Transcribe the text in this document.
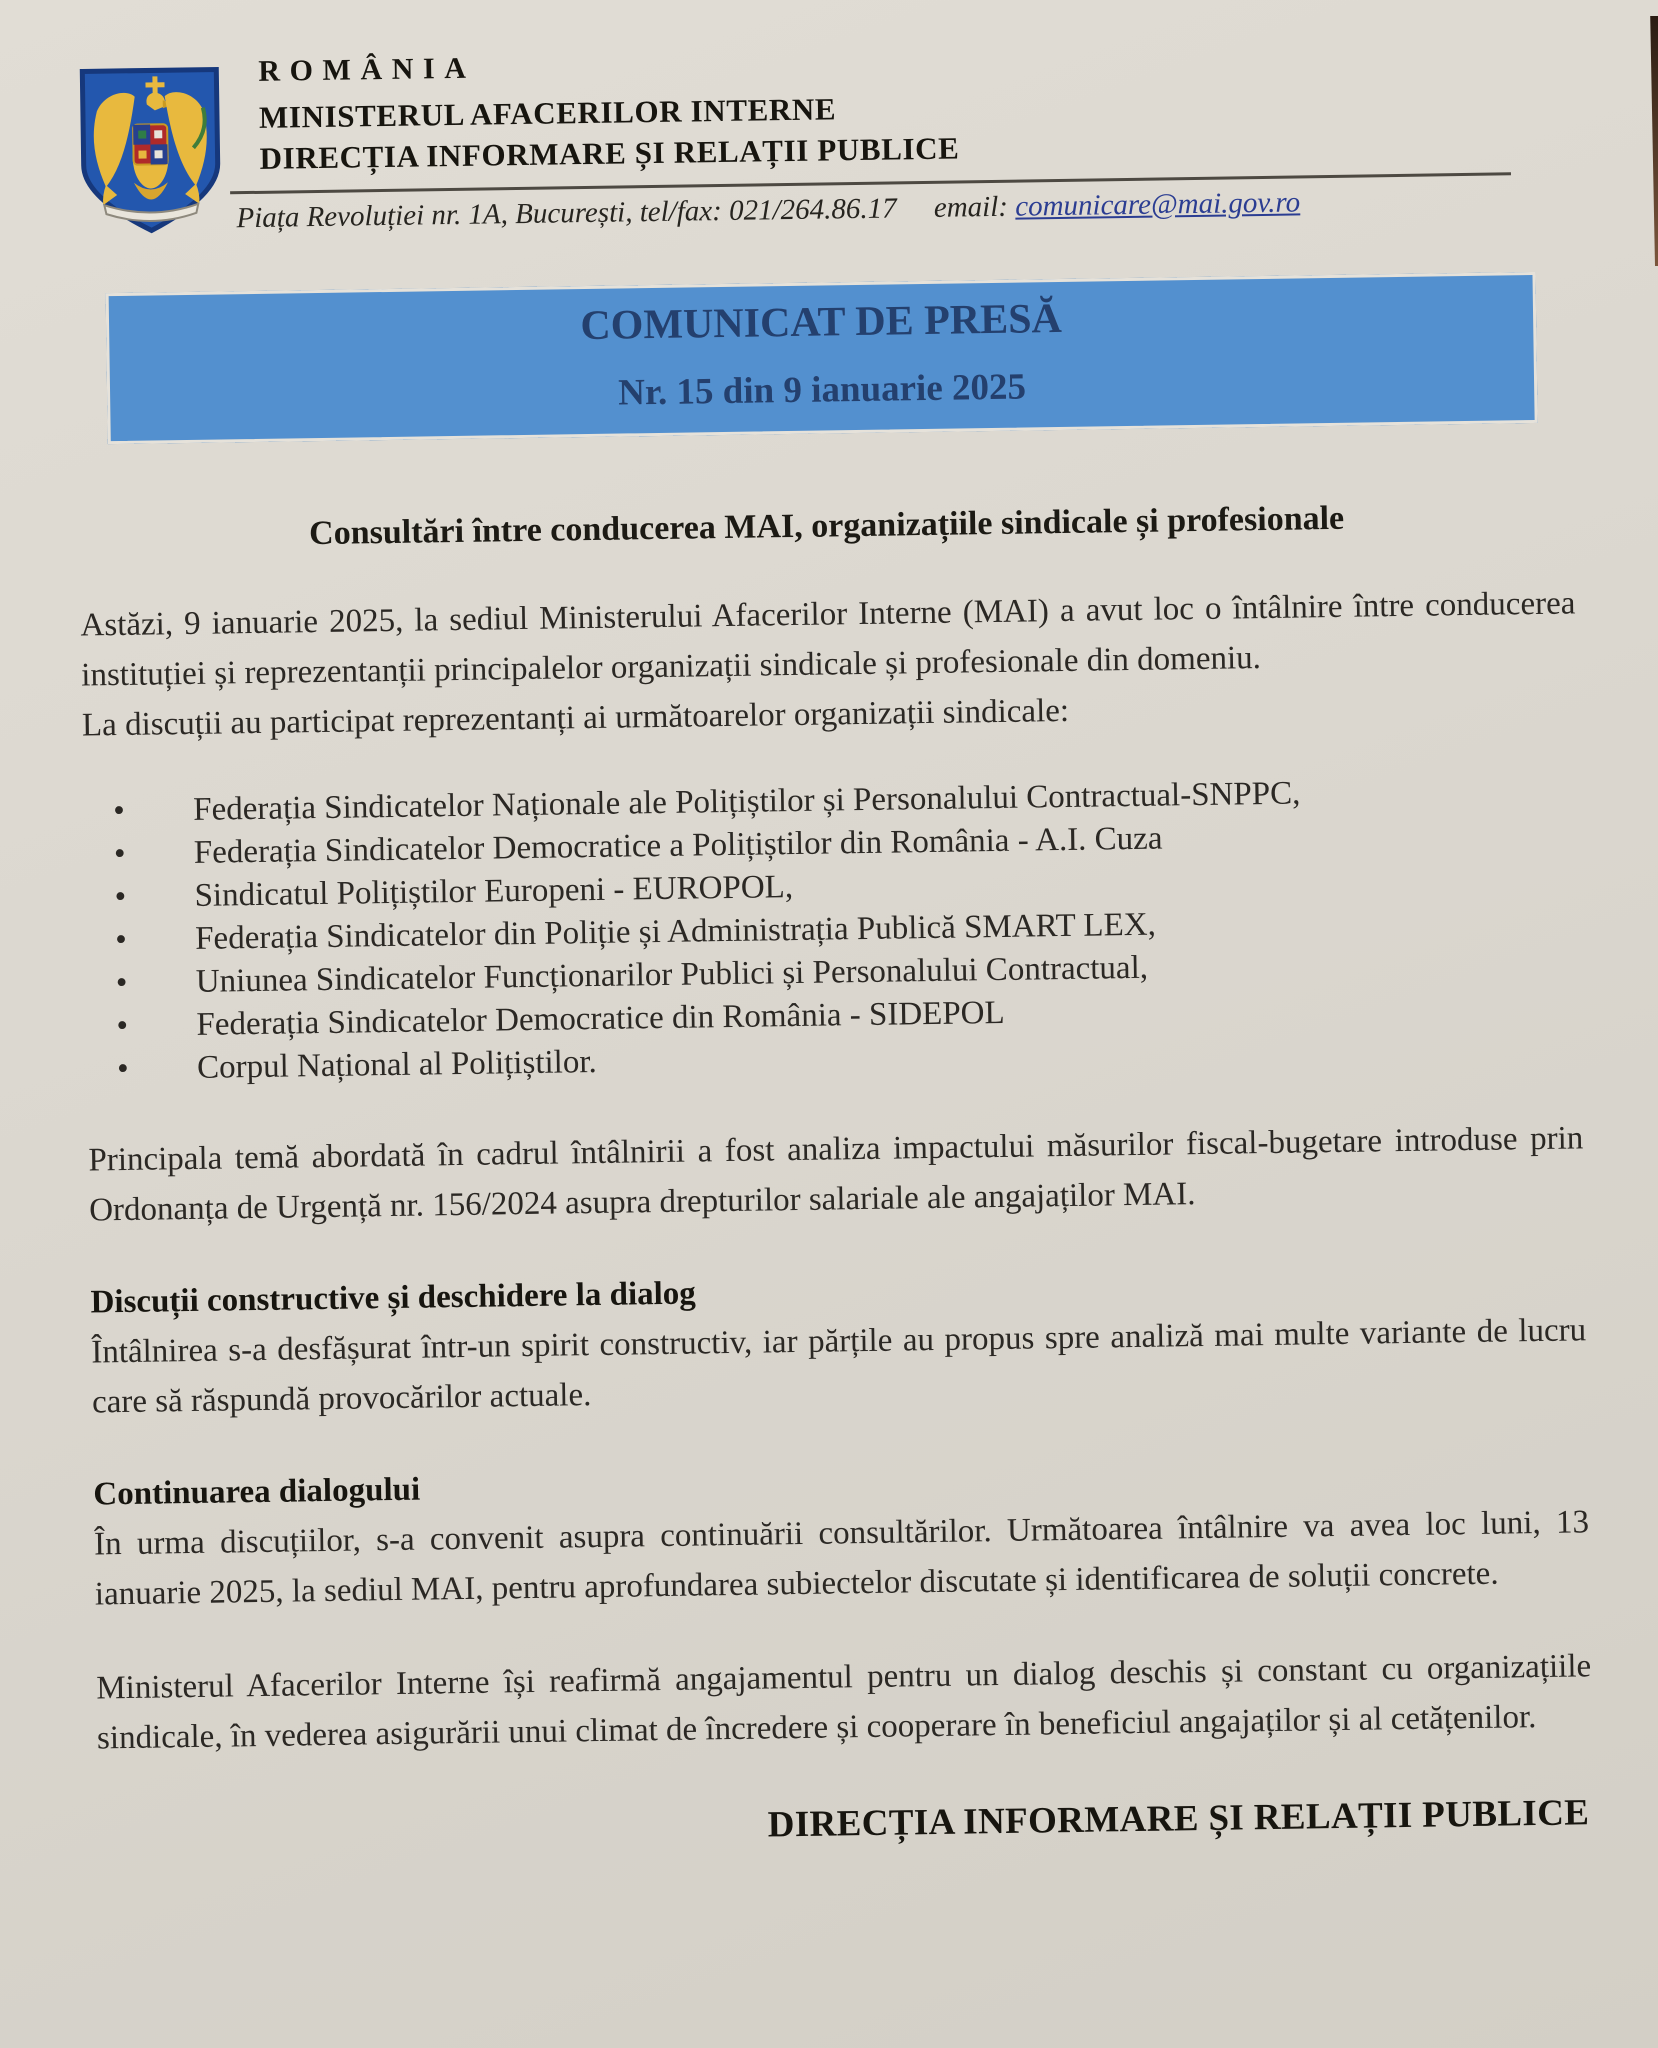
ROMÂNIA
MINISTERUL AFACERILOR INTERNE
DIRECȚIA INFORMARE ȘI RELAȚII PUBLICE
Piața Revoluției nr. 1A, București, tel/fax: 021/264.86.17 email: comunicare@mai.gov.ro
COMUNICAT DE PRESĂ
Nr. 15 din 9 ianuarie 2025
Consultări între conducerea MAI, organizațiile sindicale și profesionale

Astăzi, 9 ianuarie 2025, la sediul Ministerului Afacerilor Interne (MAI) a avut loc o întâlnire între conducerea instituției și reprezentanții principalelor organizații sindicale și profesionale din domeniu.

La discuții au participat reprezentanți ai următoarelor organizații sindicale:

• Federația Sindicatelor Naționale ale Polițiștilor și Personalului Contractual-SNPPC,
• Federația Sindicatelor Democratice a Polițiștilor din România - A.I. Cuza
• Sindicatul Polițiștilor Europeni - EUROPOL,
• Federația Sindicatelor din Poliție și Administrația Publică SMART LEX,
• Uniunea Sindicatelor Funcționarilor Publici și Personalului Contractual,
• Federația Sindicatelor Democratice din România - SIDEPOL
• Corpul Național al Polițiștilor.

Principala temă abordată în cadrul întâlnirii a fost analiza impactului măsurilor fiscal-bugetare introduse prin Ordonanța de Urgență nr. 156/2024 asupra drepturilor salariale ale angajaților MAI.

Discuții constructive și deschidere la dialog

Întâlnirea s-a desfășurat într-un spirit constructiv, iar părțile au propus spre analiză mai multe variante de lucru care să răspundă provocărilor actuale.

Continuarea dialogului

În urma discuțiilor, s-a convenit asupra continuării consultărilor. Următoarea întâlnire va avea loc luni, 13 ianuarie 2025, la sediul MAI, pentru aprofundarea subiectelor discutate și identificarea de soluții concrete.

Ministerul Afacerilor Interne își reafirmă angajamentul pentru un dialog deschis și constant cu organizațiile sindicale, în vederea asigurării unui climat de încredere și cooperare în beneficiul angajaților și al cetățenilor.

DIRECȚIA INFORMARE ȘI RELAȚII PUBLICE
